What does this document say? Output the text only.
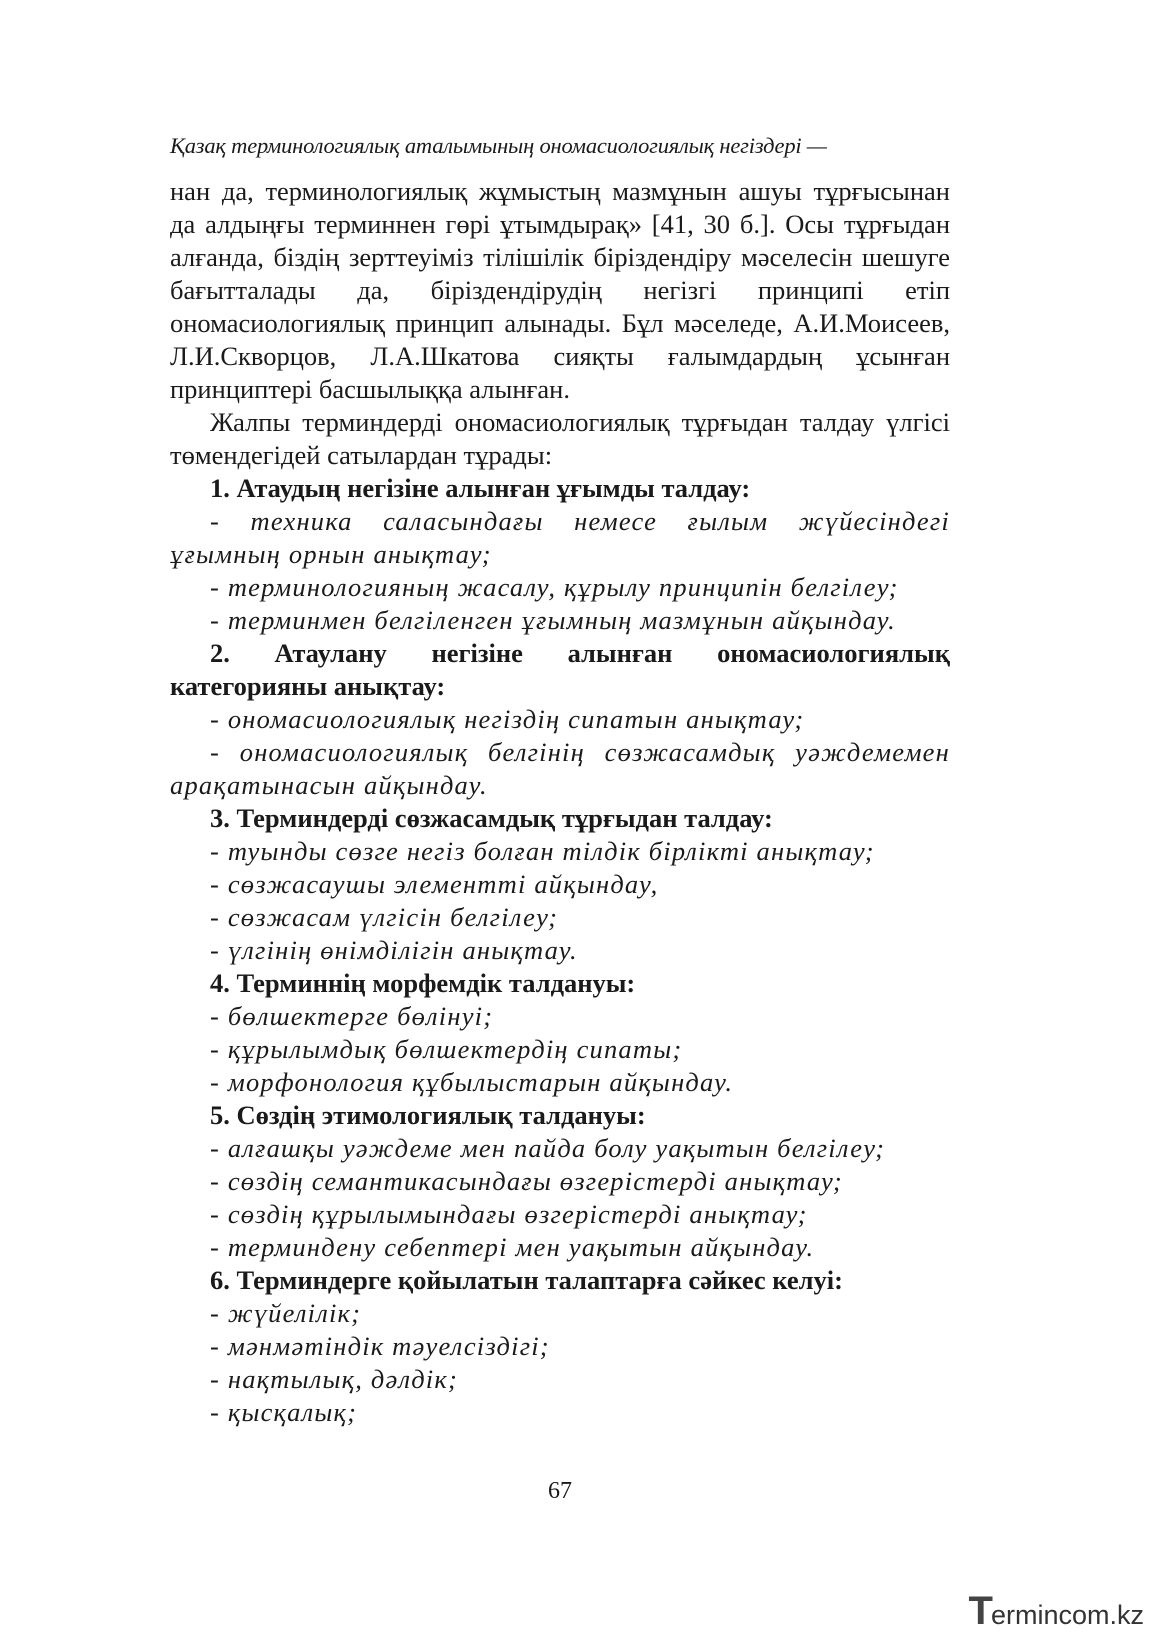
Қазақ терминологиялық аталымының ономасиологиялық негіздері —

нан да, терминологиялық жұмыстың мазмұнын ашуы тұрғысынан да алдыңғы терминнен гөрі ұтымдырақ» [41, 30 б.]. Осы тұрғыдан алғанда, біздің зерттеуіміз тілішілік біріздендіру мәселесін шешуге бағытталады да, біріздендірудің негізгі принципі етіп ономасиологиялық принцип алынады. Бұл мәселеде, А.И.Моисеев, Л.И.Скворцов, Л.А.Шкатова сияқты ғалымдардың ұсынған принциптері басшылыққа алынған.

Жалпы терминдерді ономасиологиялық тұрғыдан талдау үлгісі төмендегідей сатылардан тұрады:

1. Атаудың негізіне алынған ұғымды талдау:

- техника саласындағы немесе ғылым жүйесіндегі ұғымның орнын анықтау;

- терминологияның жасалу, құрылу принципін белгілеу;

- терминмен белгіленген ұғымның мазмұнын айқындау.

2. Атаулану негізіне алынған ономасиологиялық категорияны анықтау:

- ономасиологиялық негіздің сипатын анықтау;

- ономасиологиялық белгінің сөзжасамдық уәждемемен арақатынасын айқындау.

3. Терминдерді сөзжасамдық тұрғыдан талдау:

- туынды сөзге негіз болған тілдік бірлікті анықтау;

- сөзжасаушы элементті айқындау,

- сөзжасам үлгісін белгілеу;

- үлгінің өнімділігін анықтау.

4. Терминнің морфемдік талдануы:

- бөлшектерге бөлінуі;

- құрылымдық бөлшектердің сипаты;

- морфонология құбылыстарын айқындау.

5. Сөздің этимологиялық талдануы:

- алғашқы уәждеме мен пайда болу уақытын белгілеу;

- сөздің семантикасындағы өзгерістерді анықтау;

- сөздің құрылымындағы өзгерістерді анықтау;

- терминдену себептері мен уақытын айқындау.

6. Терминдерге қойылатын талаптарға сәйкес келуі:

- жүйелілік;

- мәнмәтіндік тәуелсіздігі;

- нақтылық, дәлдік;

- қысқалық;

67
T
ermincom.kz
